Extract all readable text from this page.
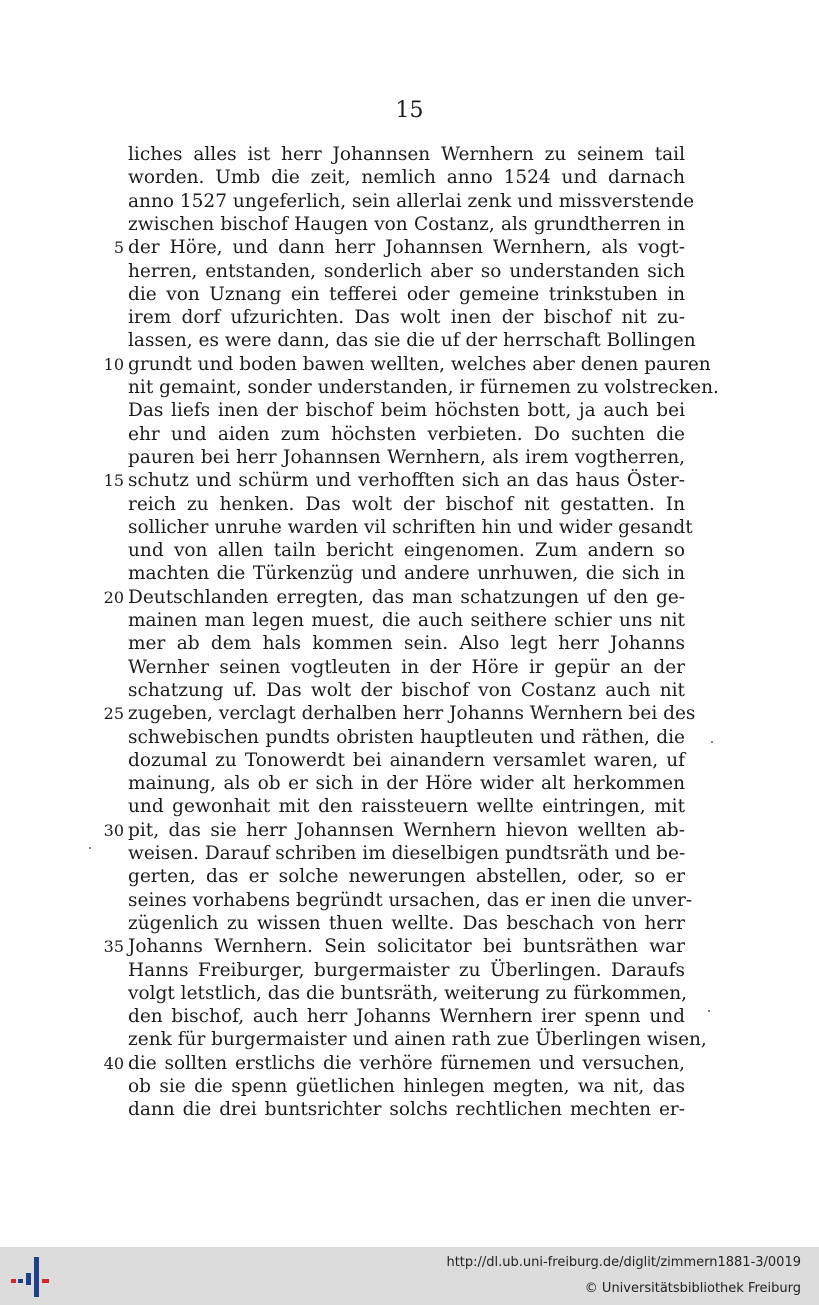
15
liches alles ist herr Johannsen Wernhern zu seinem tail
worden. Umb die zeit, nemlich anno 1524 und darnach
anno 1527 ungeferlich, sein allerlai zenk und missverstende
zwischen bischof Haugen von Costanz, als grundtherren in
der Höre, und dann herr Johannsen Wernhern, als vogt-
5
herren, entstanden, sonderlich aber so understanden sich
die von Uznang ein tefferei oder gemeine trinkstuben in
irem dorf ufzurichten. Das wolt inen der bischof nit zu-
lassen, es were dann, das sie die uf der herrschaft Bollingen
grundt und boden bawen wellten, welches aber denen pauren
10
nit gemaint, sonder understanden, ir fürnemen zu volstrecken.
Das liefs inen der bischof beim höchsten bott, ja auch bei
ehr und aiden zum höchsten verbieten. Do suchten die
pauren bei herr Johannsen Wernhern, als irem vogtherren,
schutz und schürm und verhofften sich an das haus Öster-
15
reich zu henken. Das wolt der bischof nit gestatten. In
sollicher unruhe warden vil schriften hin und wider gesandt
und von allen tailn bericht eingenomen. Zum andern so
machten die Türkenzüg und andere unrhuwen, die sich in
Deutschlanden erregten, das man schatzungen uf den ge-
20
mainen man legen muest, die auch seithere schier uns nit
mer ab dem hals kommen sein. Also legt herr Johanns
Wernher seinen vogtleuten in der Höre ir gepür an der
schatzung uf. Das wolt der bischof von Costanz auch nit
zugeben, verclagt derhalben herr Johanns Wernhern bei des
25
schwebischen pundts obristen hauptleuten und räthen, die
dozumal zu Tonowerdt bei ainandern versamlet waren, uf
mainung, als ob er sich in der Höre wider alt herkommen
und gewonhait mit den raissteuern wellte eintringen, mit
pit, das sie herr Johannsen Wernhern hievon wellten ab-
30
weisen. Darauf schriben im dieselbigen pundtsräth und be-
gerten, das er solche newerungen abstellen, oder, so er
seines vorhabens begründt ursachen, das er inen die unver-
zügenlich zu wissen thuen wellte. Das beschach von herr
Johanns Wernhern. Sein solicitator bei buntsräthen war
35
Hanns Freiburger, burgermaister zu Überlingen. Daraufs
volgt letstlich, das die buntsräth, weiterung zu fürkommen,
den bischof, auch herr Johanns Wernhern irer spenn und
zenk für burgermaister und ainen rath zue Überlingen wisen,
die sollten erstlichs die verhöre fürnemen und versuchen,
40
ob sie die spenn güetlichen hinlegen megten, wa nit, das
dann die drei buntsrichter solchs rechtlichen mechten er-
http://dl.ub.uni-freiburg.de/diglit/zimmern1881-3/0019
© Universitätsbibliothek Freiburg
